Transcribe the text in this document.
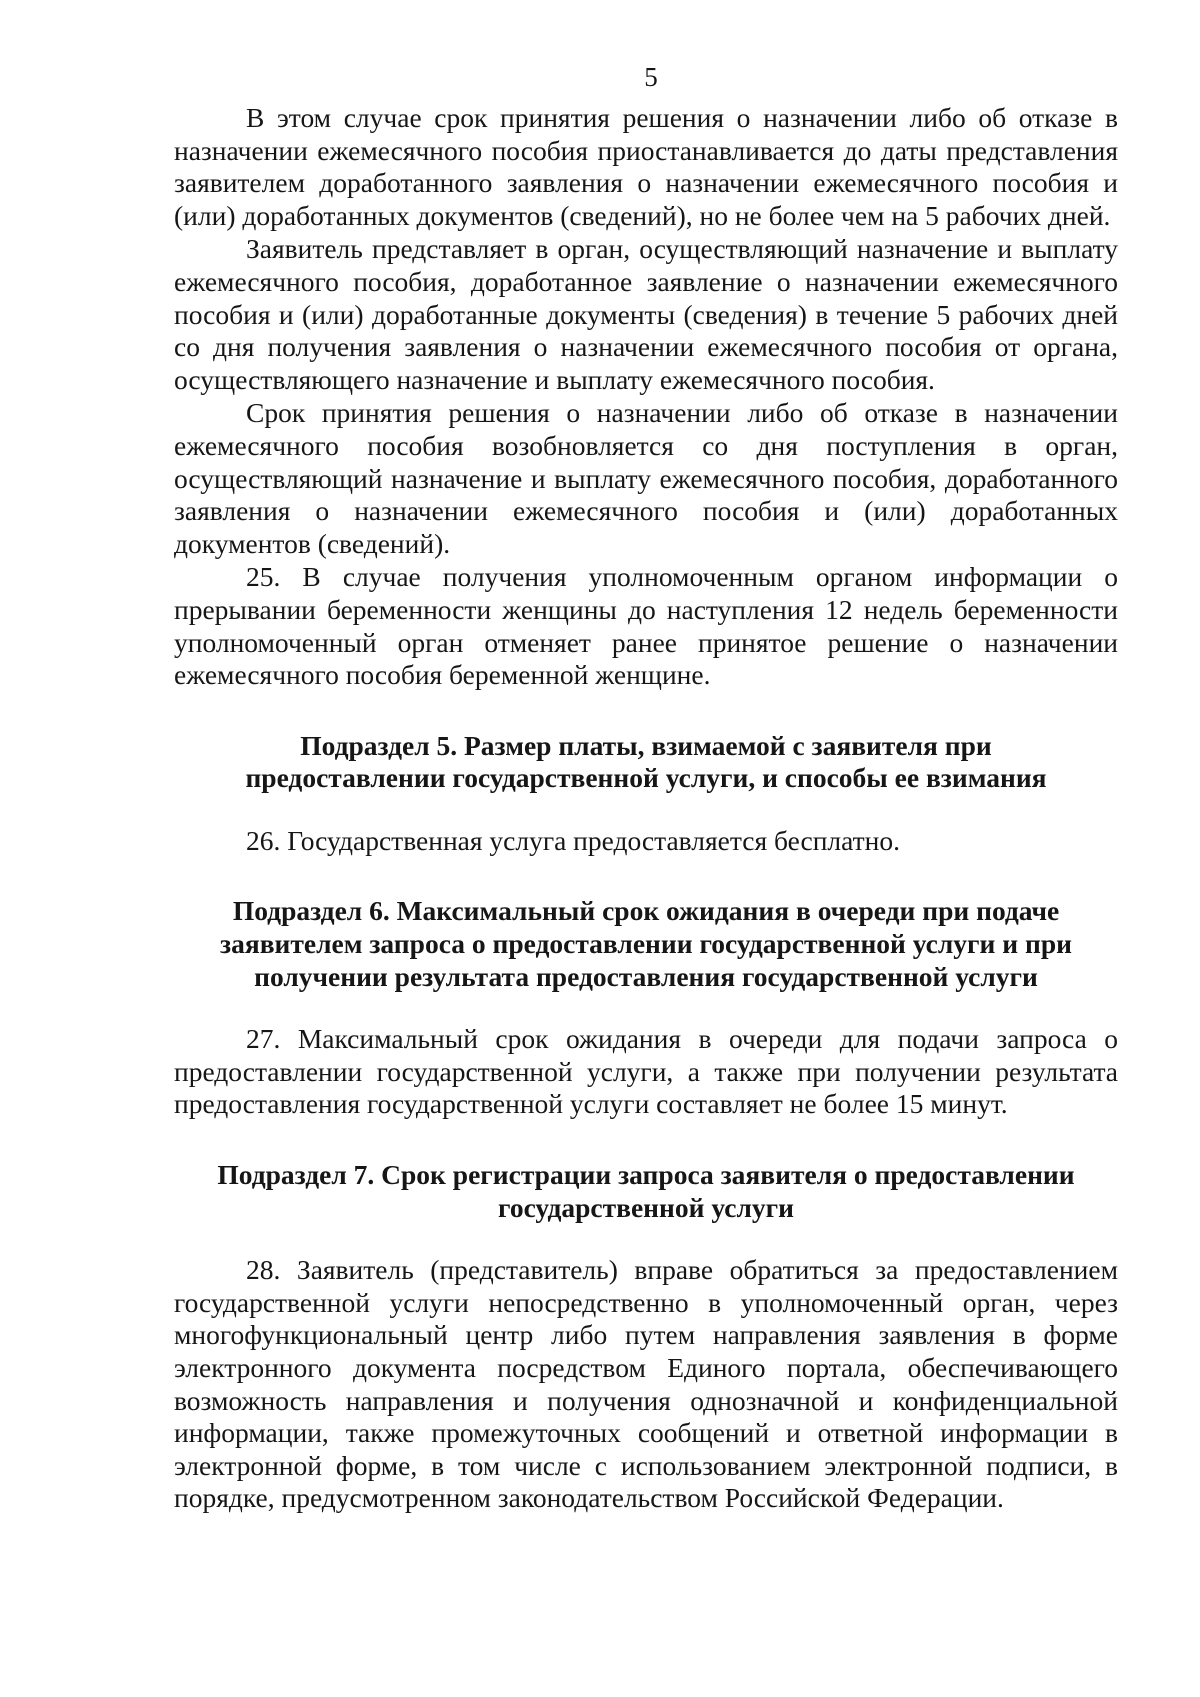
5

В этом случае срок принятия решения о назначении либо об отказе в назначении ежемесячного пособия приостанавливается до даты представления заявителем доработанного заявления о назначении ежемесячного пособия и (или) доработанных документов (сведений), но не более чем на 5 рабочих дней.

Заявитель представляет в орган, осуществляющий назначение и выплату ежемесячного пособия, доработанное заявление о назначении ежемесячного пособия и (или) доработанные документы (сведения) в течение 5 рабочих дней со дня получения заявления о назначении ежемесячного пособия от органа, осуществляющего назначение и выплату ежемесячного пособия.

Срок принятия решения о назначении либо об отказе в назначении ежемесячного пособия возобновляется со дня поступления в орган, осуществляющий назначение и выплату ежемесячного пособия, доработанного заявления о назначении ежемесячного пособия и (или) доработанных документов (сведений).

25. В случае получения уполномоченным органом информации о прерывании беременности женщины до наступления 12 недель беременности уполномоченный орган отменяет ранее принятое решение о назначении ежемесячного пособия беременной женщине.

Подраздел 5. Размер платы, взимаемой с заявителя при
предоставлении государственной услуги, и способы ее взимания

26. Государственная услуга предоставляется бесплатно.

Подраздел 6. Максимальный срок ожидания в очереди при подаче
заявителем запроса о предоставлении государственной услуги и при
получении результата предоставления государственной услуги

27. Максимальный срок ожидания в очереди для подачи запроса о предоставлении государственной услуги, а также при получении результата предоставления государственной услуги составляет не более 15 минут.

Подраздел 7. Срок регистрации запроса заявителя о предоставлении
государственной услуги

28. Заявитель (представитель) вправе обратиться за предоставлением государственной услуги непосредственно в уполномоченный орган, через многофункциональный центр либо путем направления заявления в форме электронного документа посредством Единого портала, обеспечивающего возможность направления и получения однозначной и конфиденциальной информации, также промежуточных сообщений и ответной информации в электронной форме, в том числе с использованием электронной подписи, в порядке, предусмотренном законодательством Российской Федерации.
